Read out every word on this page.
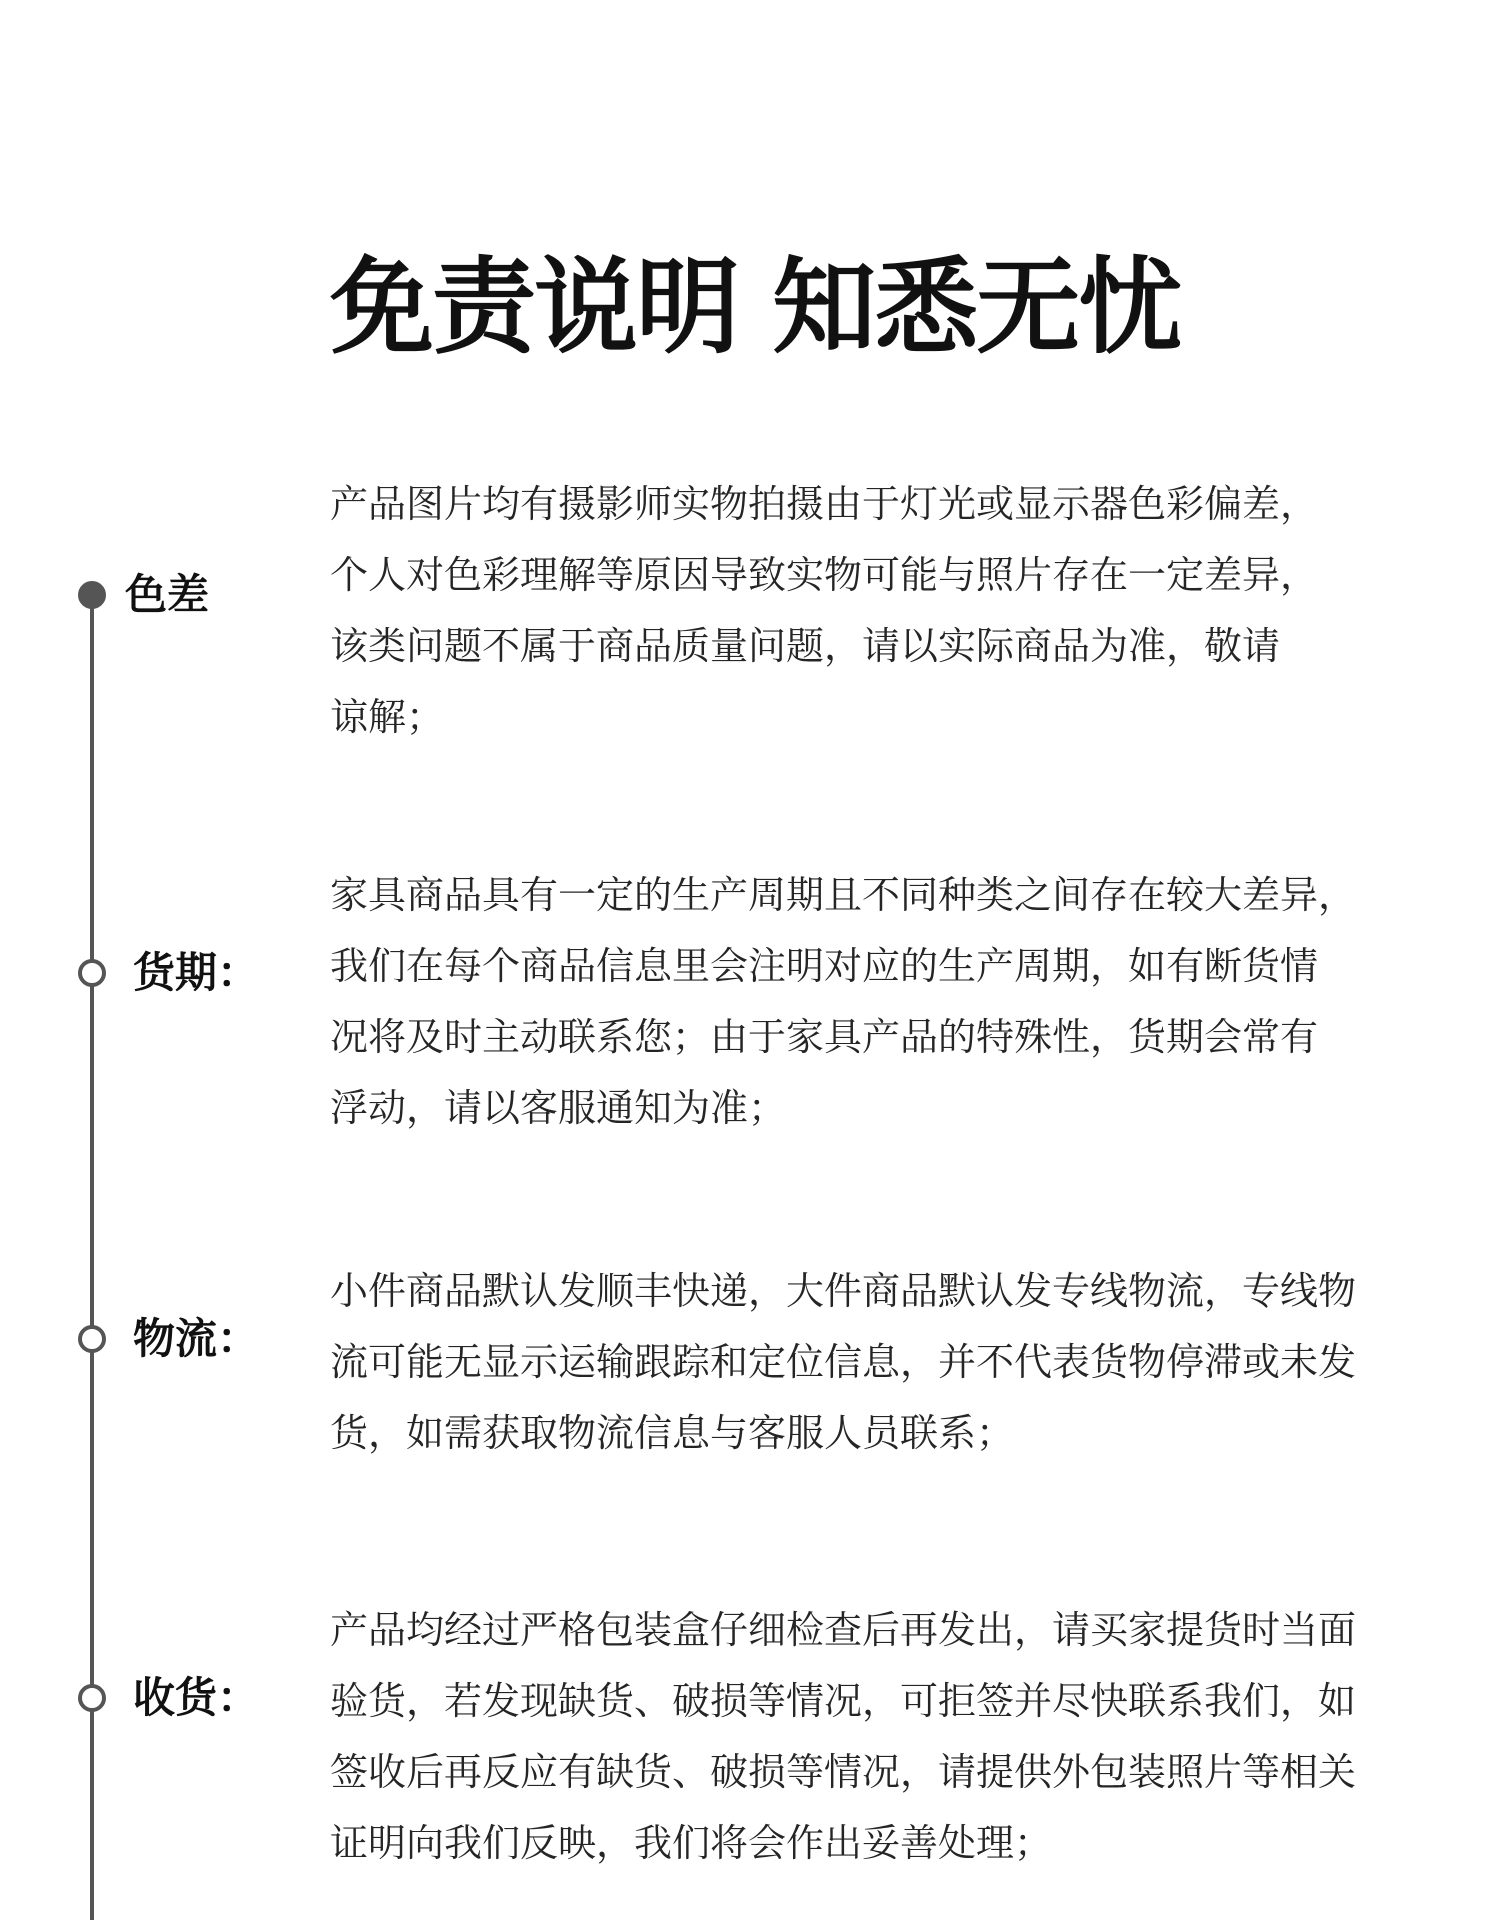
免责说明 知悉无忧
色差
产品图片均有摄影师实物拍摄由于灯光或显示器色彩偏差，
个人对色彩理解等原因导致实物可能与照片存在一定差异，
该类问题不属于商品质量问题，请以实际商品为准，敬请
谅解；
货期：
家具商品具有一定的生产周期且不同种类之间存在较大差异，
我们在每个商品信息里会注明对应的生产周期，如有断货情
况将及时主动联系您；由于家具产品的特殊性，货期会常有
浮动，请以客服通知为准；
物流：
小件商品默认发顺丰快递，大件商品默认发专线物流，专线物
流可能无显示运输跟踪和定位信息，并不代表货物停滞或未发
货，如需获取物流信息与客服人员联系；
收货：
产品均经过严格包装盒仔细检查后再发出，请买家提货时当面
验货，若发现缺货、破损等情况，可拒签并尽快联系我们，如
签收后再反应有缺货、破损等情况，请提供外包装照片等相关
证明向我们反映，我们将会作出妥善处理；
